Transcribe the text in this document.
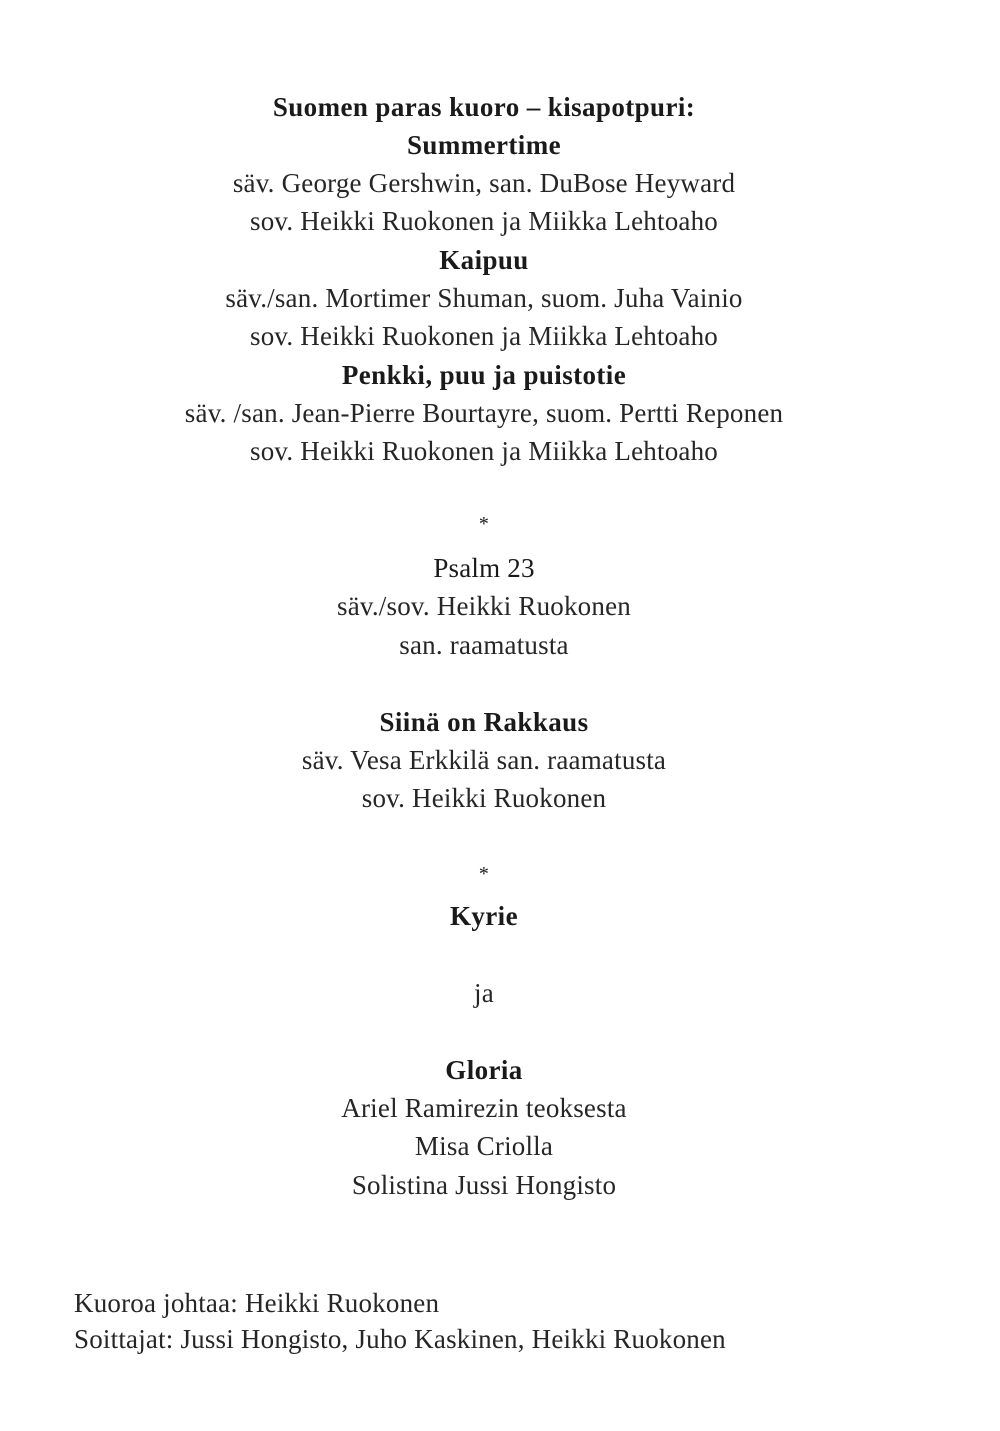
Suomen paras kuoro – kisapotpuri:
Summertime
säv. George Gershwin, san. DuBose Heyward
sov. Heikki Ruokonen ja Miikka Lehtoaho
Kaipuu
säv./san. Mortimer Shuman, suom. Juha Vainio
sov. Heikki Ruokonen ja Miikka Lehtoaho
Penkki, puu ja puistotie
säv. /san. Jean-Pierre Bourtayre, suom. Pertti Reponen
sov. Heikki Ruokonen ja Miikka Lehtoaho
*
Psalm 23
säv./sov. Heikki Ruokonen
san. raamatusta
Siinä on Rakkaus
säv. Vesa Erkkilä san. raamatusta
sov. Heikki Ruokonen
*
Kyrie
ja
Gloria
Ariel Ramirezin teoksesta
Misa Criolla
Solistina Jussi Hongisto
Kuoroa johtaa: Heikki Ruokonen
Soittajat: Jussi Hongisto, Juho Kaskinen, Heikki Ruokonen
